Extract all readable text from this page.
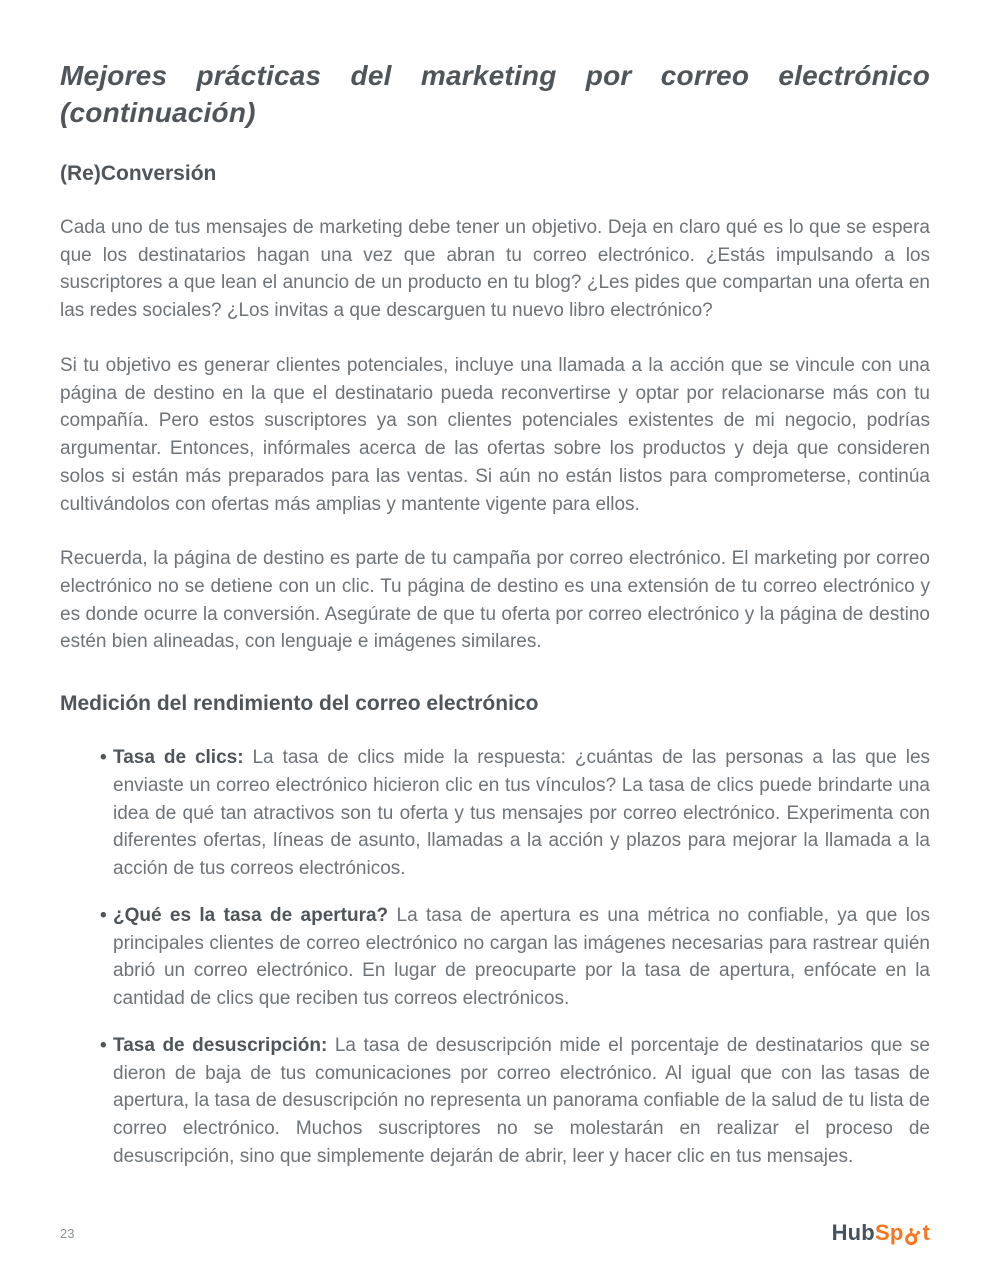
Mejores prácticas del marketing por correo electrónico
(continuación)
(Re)Conversión

Cada uno de tus mensajes de marketing debe tener un objetivo. Deja en claro qué es lo que se espera que los destinatarios hagan una vez que abran tu correo electrónico. ¿Estás impulsando a los suscriptores a que lean el anuncio de un producto en tu blog? ¿Les pides que compartan una oferta en las redes sociales? ¿Los invitas a que descarguen tu nuevo libro electrónico?

Si tu objetivo es generar clientes potenciales, incluye una llamada a la acción que se vincule con una página de destino en la que el destinatario pueda reconvertirse y optar por relacionarse más con tu compañía. Pero estos suscriptores ya son clientes potenciales existentes de mi negocio, podrías argumentar. Entonces, infórmales acerca de las ofertas sobre los productos y deja que consideren solos si están más preparados para las ventas. Si aún no están listos para comprometerse, continúa cultivándolos con ofertas más amplias y mantente vigente para ellos.

Recuerda, la página de destino es parte de tu campaña por correo electrónico. El marketing por correo electrónico no se detiene con un clic. Tu página de destino es una extensión de tu correo electrónico y es donde ocurre la conversión. Asegúrate de que tu oferta por correo electrónico y la página de destino estén bien alineadas, con lenguaje e imágenes similares.

Medición del rendimiento del correo electrónico
•
Tasa de clics: La tasa de clics mide la respuesta: ¿cuántas de las personas a las que les enviaste un correo electrónico hicieron clic en tus vínculos? La tasa de clics puede brindarte una idea de qué tan atractivos son tu oferta y tus mensajes por correo electrónico. Experimenta con diferentes ofertas, líneas de asunto, llamadas a la acción y plazos para mejorar la llamada a la acción de tus correos electrónicos.
•
¿Qué es la tasa de apertura? La tasa de apertura es una métrica no confiable, ya que los principales clientes de correo electrónico no cargan las imágenes necesarias para rastrear quién abrió un correo electrónico. En lugar de preocuparte por la tasa de apertura, enfócate en la cantidad de clics que reciben tus correos electrónicos.
•
Tasa de desuscripción: La tasa de desuscripción mide el porcentaje de destinatarios que se dieron de baja de tus comunicaciones por correo electrónico. Al igual que con las tasas de apertura, la tasa de desuscripción no representa un panorama confiable de la salud de tu lista de correo electrónico. Muchos suscriptores no se molestarán en realizar el proceso de desuscripción, sino que simplemente dejarán de abrir, leer y hacer clic en tus mensajes.
23	Hub Sp t
